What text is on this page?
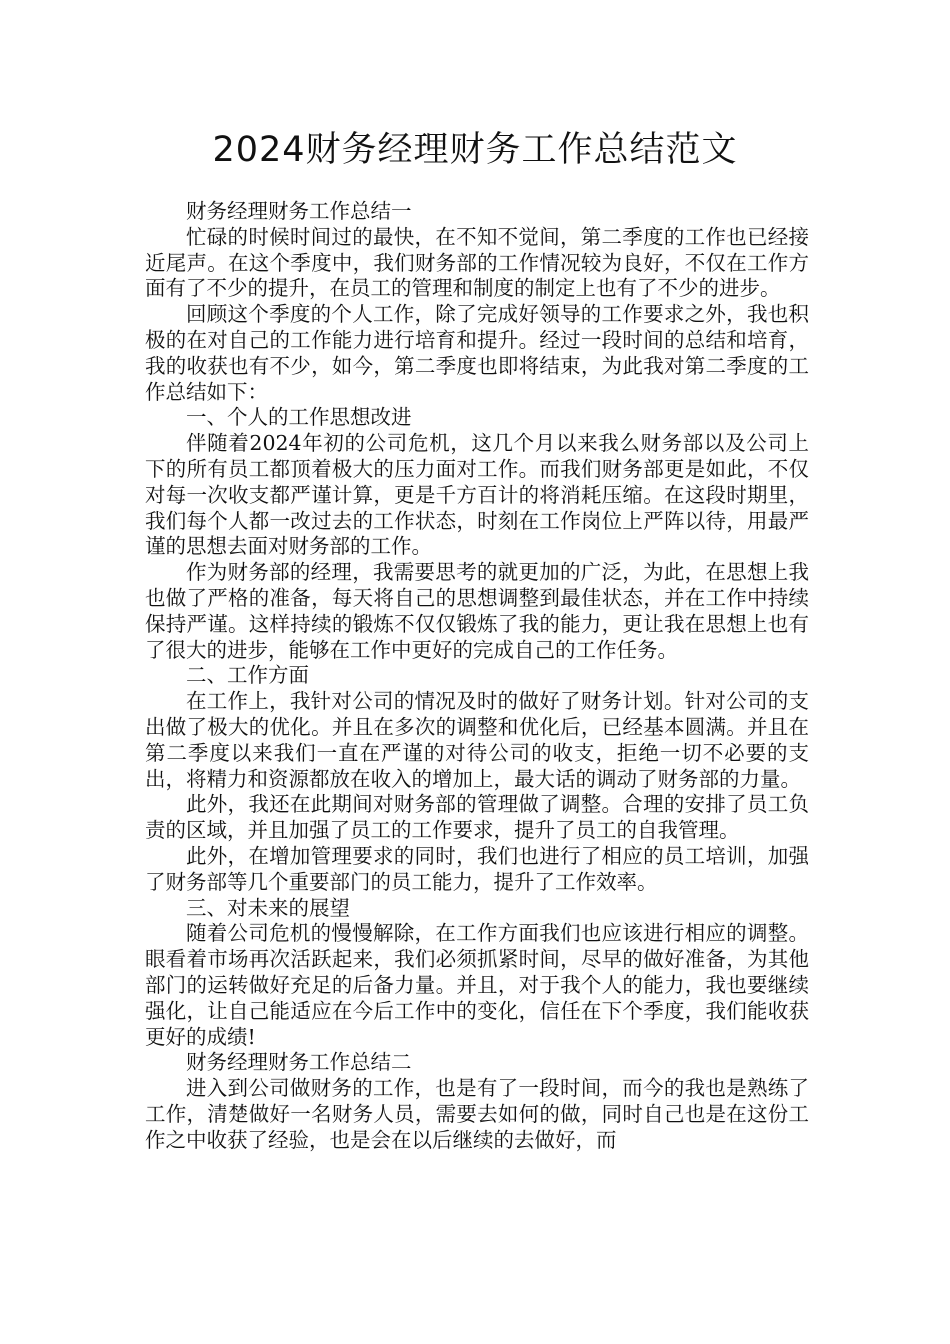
2024财务经理财务工作总结范文

财务经理财务工作总结一

忙碌的时候时间过的最快，在不知不觉间，第二季度的工作也已经接近尾声。在这个季度中，我们财务部的工作情况较为良好，不仅在工作方面有了不少的提升，在员工的管理和制度的制定上也有了不少的进步。

回顾这个季度的个人工作，除了完成好领导的工作要求之外，我也积极的在对自己的工作能力进行培育和提升。经过一段时间的总结和培育，我的收获也有不少，如今，第二季度也即将结束，为此我对第二季度的工作总结如下：

一、个人的工作思想改进

伴随着2024年初的公司危机，这几个月以来我么财务部以及公司上下的所有员工都顶着极大的压力面对工作。而我们财务部更是如此，不仅对每一次收支都严谨计算，更是千方百计的将消耗压缩。在这段时期里，我们每个人都一改过去的工作状态，时刻在工作岗位上严阵以待，用最严谨的思想去面对财务部的工作。

作为财务部的经理，我需要思考的就更加的广泛，为此，在思想上我也做了严格的准备，每天将自己的思想调整到最佳状态，并在工作中持续保持严谨。这样持续的锻炼不仅仅锻炼了我的能力，更让我在思想上也有了很大的进步，能够在工作中更好的完成自己的工作任务。

二、工作方面

在工作上，我针对公司的情况及时的做好了财务计划。针对公司的支出做了极大的优化。并且在多次的调整和优化后，已经基本圆满。并且在第二季度以来我们一直在严谨的对待公司的收支，拒绝一切不必要的支出，将精力和资源都放在收入的增加上，最大话的调动了财务部的力量。

此外，我还在此期间对财务部的管理做了调整。合理的安排了员工负责的区域，并且加强了员工的工作要求，提升了员工的自我管理。

此外，在增加管理要求的同时，我们也进行了相应的员工培训，加强了财务部等几个重要部门的员工能力，提升了工作效率。

三、对未来的展望

随着公司危机的慢慢解除，在工作方面我们也应该进行相应的调整。眼看着市场再次活跃起来，我们必须抓紧时间，尽早的做好准备，为其他部门的运转做好充足的后备力量。并且，对于我个人的能力，我也要继续强化，让自己能适应在今后工作中的变化，信任在下个季度，我们能收获更好的成绩!

财务经理财务工作总结二

进入到公司做财务的工作，也是有了一段时间，而今的我也是熟练了工作，清楚做好一名财务人员，需要去如何的做，同时自己也是在这份工作之中收获了经验，也是会在以后继续的去做好，而
